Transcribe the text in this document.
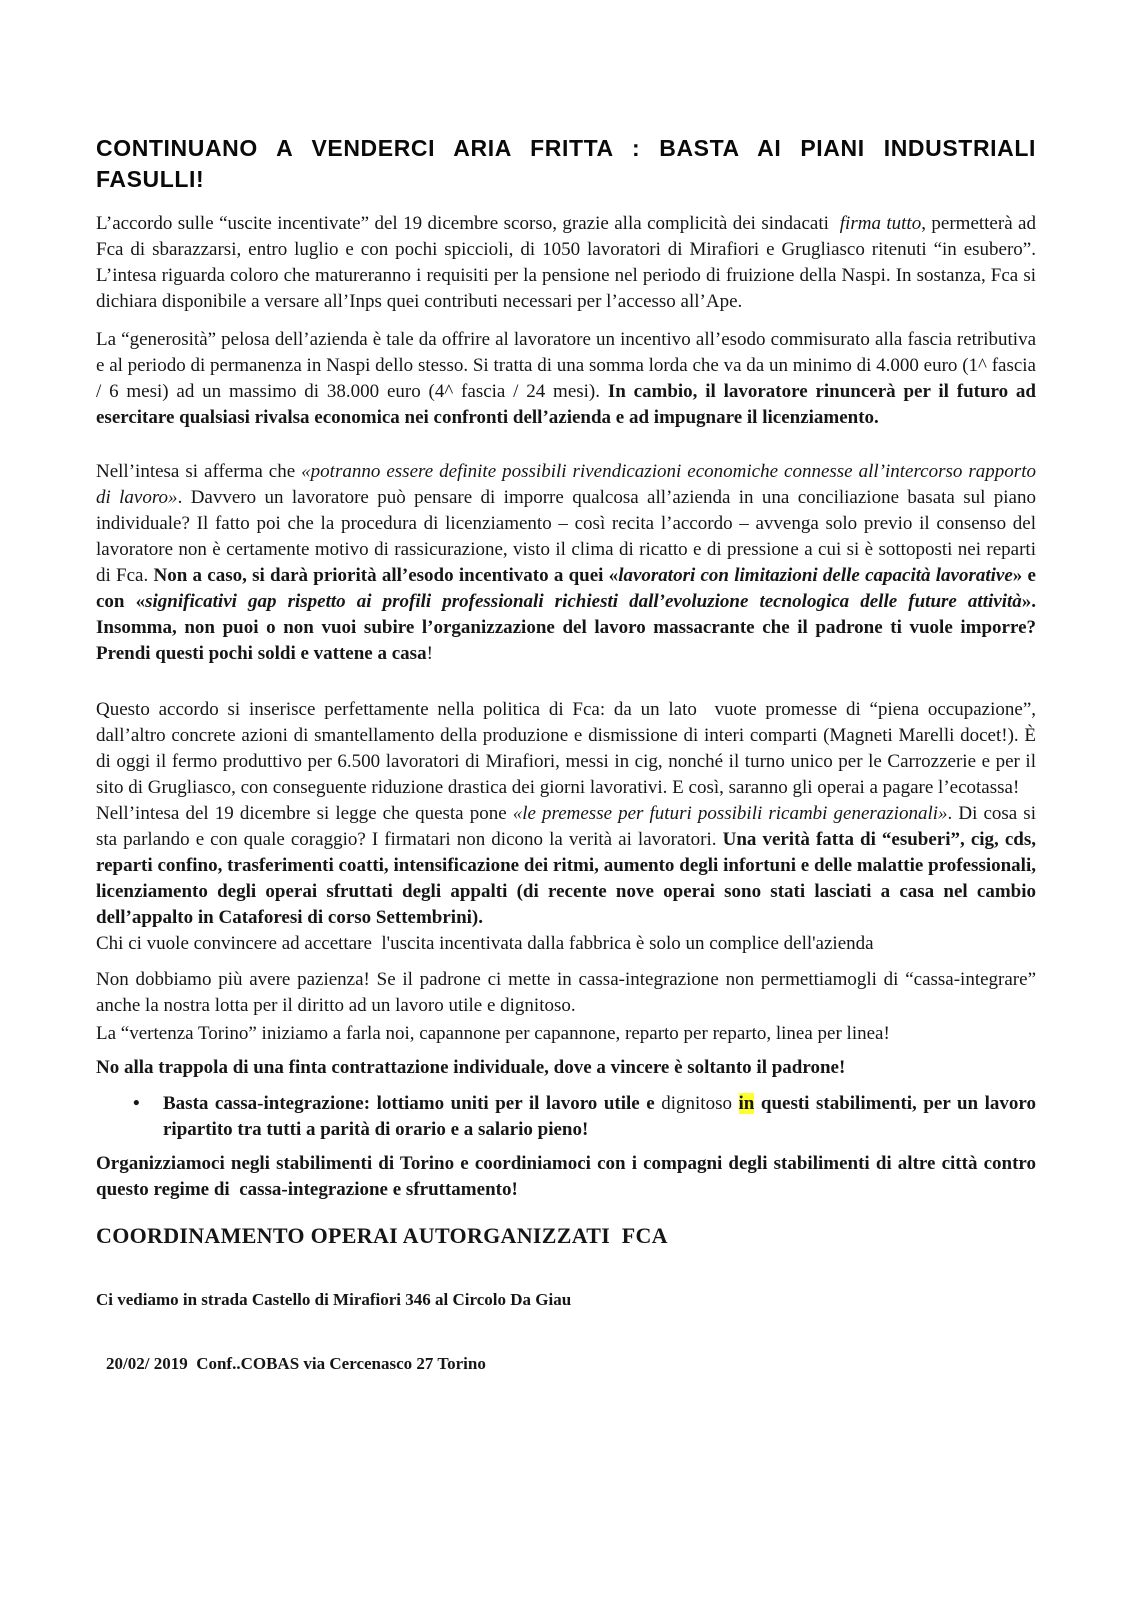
CONTINUANO A VENDERCI ARIA FRITTA : BASTA AI PIANI INDUSTRIALI
FASULLI!

L’accordo sulle “uscite incentivate” del 19 dicembre scorso, grazie alla complicità dei sindacati  firma tutto, permetterà ad Fca di sbarazzarsi, entro luglio e con pochi spiccioli, di 1050 lavoratori di Mirafiori e Grugliasco ritenuti “in esubero”. L’intesa riguarda coloro che matureranno i requisiti per la pensione nel periodo di fruizione della Naspi. In sostanza, Fca si dichiara disponibile a versare all’Inps quei contributi necessari per l’accesso all’Ape.

La “generosità” pelosa dell’azienda è tale da offrire al lavoratore un incentivo all’esodo commisurato alla fascia retributiva e al periodo di permanenza in Naspi dello stesso. Si tratta di una somma lorda che va da un minimo di 4.000 euro (1^ fascia / 6 mesi) ad un massimo di 38.000 euro (4^ fascia / 24 mesi). In cambio, il lavoratore rinuncerà per il futuro ad esercitare qualsiasi rivalsa economica nei confronti dell’azienda e ad impugnare il licenziamento.

Nell’intesa si afferma che «potranno essere definite possibili rivendicazioni economiche connesse all’intercorso rapporto di lavoro». Davvero un lavoratore può pensare di imporre qualcosa all’azienda in una conciliazione basata sul piano individuale? Il fatto poi che la procedura di licenziamento – così recita l’accordo – avvenga solo previo il consenso del lavoratore non è certamente motivo di rassicurazione, visto il clima di ricatto e di pressione a cui si è sottoposti nei reparti di Fca. Non a caso, si darà priorità all’esodo incentivato a quei «lavoratori con limitazioni delle capacità lavorative» e con «significativi gap rispetto ai profili professionali richiesti dall’evoluzione tecnologica delle future attività». Insomma, non puoi o non vuoi subire l’organizzazione del lavoro massacrante che il padrone ti vuole imporre? Prendi questi pochi soldi e vattene a casa!

Questo accordo si inserisce perfettamente nella politica di Fca: da un lato  vuote promesse di “piena occupazione”, dall’altro concrete azioni di smantellamento della produzione e dismissione di interi comparti (Magneti Marelli docet!). È di oggi il fermo produttivo per 6.500 lavoratori di Mirafiori, messi in cig, nonché il turno unico per le Carrozzerie e per il sito di Grugliasco, con conseguente riduzione drastica dei giorni lavorativi. E così, saranno gli operai a pagare l’ecotassa!

Nell’intesa del 19 dicembre si legge che questa pone «le premesse per futuri possibili ricambi generazionali». Di cosa si sta parlando e con quale coraggio? I firmatari non dicono la verità ai lavoratori. Una verità fatta di “esuberi”, cig, cds, reparti confino, trasferimenti coatti, intensificazione dei ritmi, aumento degli infortuni e delle malattie professionali, licenziamento degli operai sfruttati degli appalti (di recente nove operai sono stati lasciati a casa nel cambio dell’appalto in Cataforesi di corso Settembrini).

Chi ci vuole convincere ad accettare  l'uscita incentivata dalla fabbrica è solo un complice dell'azienda

Non dobbiamo più avere pazienza! Se il padrone ci mette in cassa-integrazione non permettiamogli di “cassa-integrare” anche la nostra lotta per il diritto ad un lavoro utile e dignitoso.

La “vertenza Torino” iniziamo a farla noi, capannone per capannone, reparto per reparto, linea per linea!

No alla trappola di una finta contrattazione individuale, dove a vincere è soltanto il padrone!

•	Basta cassa-integrazione: lottiamo uniti per il lavoro utile e dignitoso in questi stabilimenti, per un lavoro ripartito tra tutti a parità di orario e a salario pieno!

Organizziamoci negli stabilimenti di Torino e coordiniamoci con i compagni degli stabilimenti di altre città contro questo regime di  cassa-integrazione e sfruttamento!

COORDINAMENTO OPERAI AUTORGANIZZATI  FCA

Ci vediamo in strada Castello di Mirafiori 346 al Circolo Da Giau

20/02/ 2019  Conf..COBAS via Cercenasco 27 Torino
